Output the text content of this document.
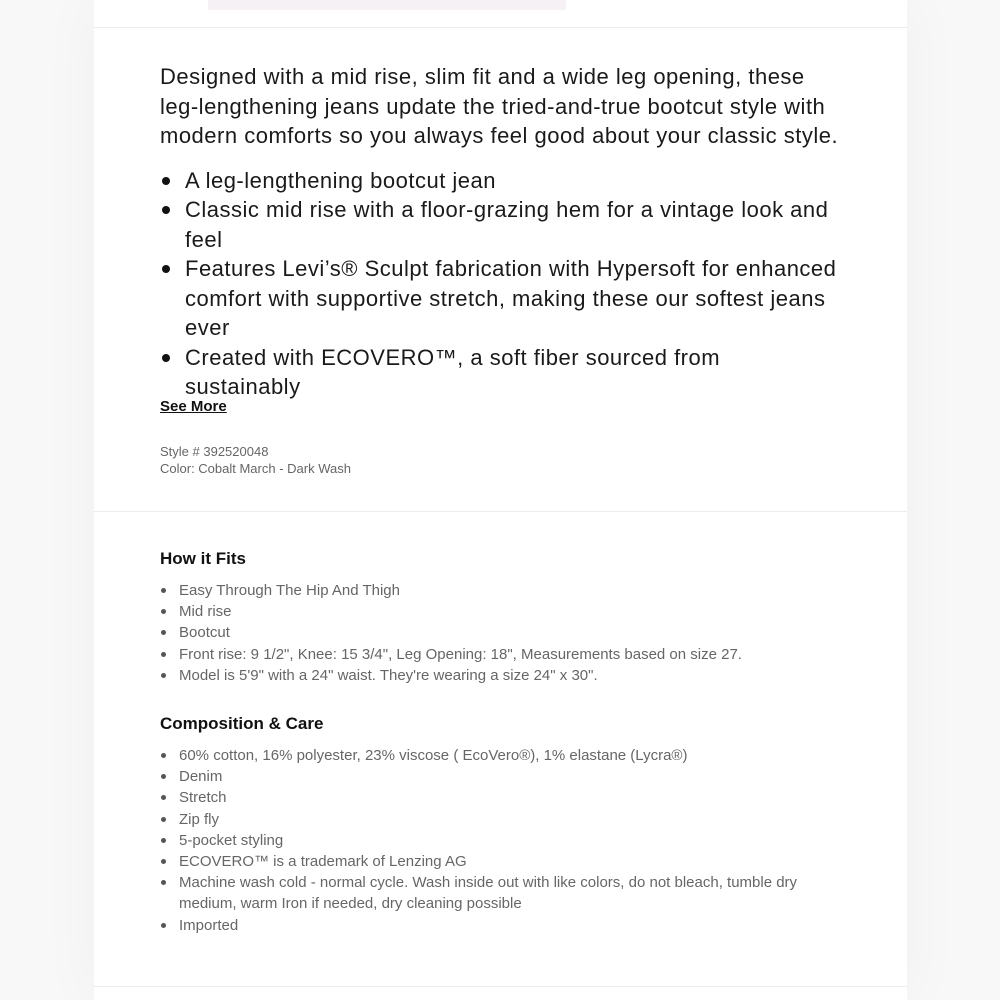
Designed with a mid rise, slim fit and a wide leg opening, these leg-lengthening jeans update the tried-and-true bootcut style with modern comforts so you always feel good about your classic style.

A leg-lengthening bootcut jean
Classic mid rise with a floor-grazing hem for a vintage look and feel
Features Levi’s® Sculpt fabrication with Hypersoft for enhanced comfort with supportive stretch, making these our softest jeans ever
Created with ECOVERO™, a soft fiber sourced from sustainably
See More
Style # 392520048
Color: Cobalt March - Dark Wash
How it Fits
Easy Through The Hip And Thigh
Mid rise
Bootcut
Front rise: 9 1/2", Knee: 15 3/4", Leg Opening: 18", Measurements based on size 27.
Model is 5'9" with a 24" waist. They're wearing a size 24" x 30".
Composition & Care
60% cotton, 16% polyester, 23% viscose ( EcoVero®), 1% elastane (Lycra®)
Denim
Stretch
Zip fly
5-pocket styling
ECOVERO™ is a trademark of Lenzing AG
Machine wash cold - normal cycle. Wash inside out with like colors, do not bleach, tumble dry medium, warm Iron if needed, dry cleaning possible
Imported
